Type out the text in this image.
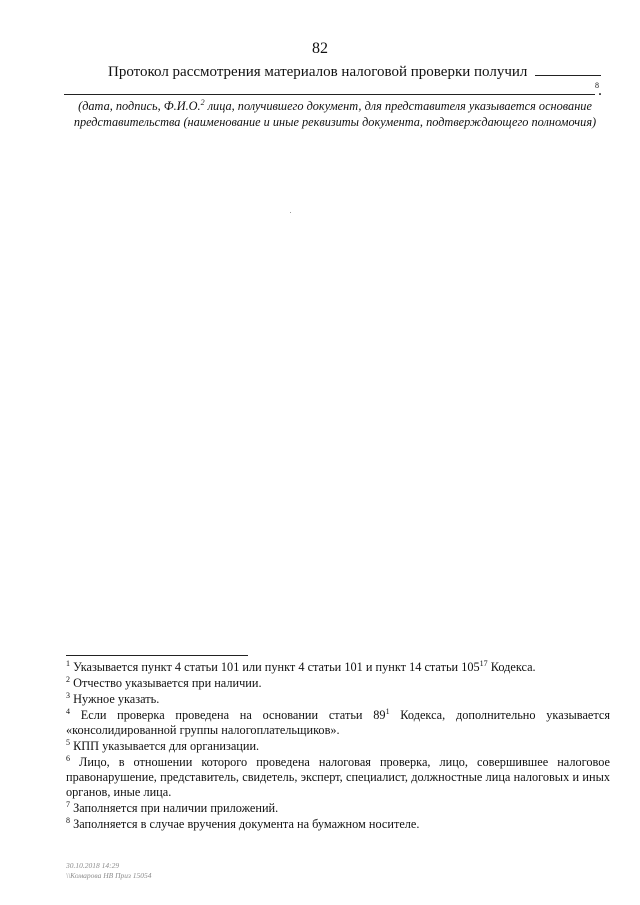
82
Протокол рассмотрения материалов налоговой проверки получил
8 .
(дата, подпись, Ф.И.О.$^2$ лица, получившего документ, для представителя указывается основание представительства (наименование и иные реквизиты документа, подтверждающего полномочия)

$^1$ Указывается пункт 4 статьи 101 или пункт 4 статьи 101 и пункт 14 статьи $105^{17}$ Кодекса.

$^2$ Отчество указывается при наличии.

$^3$ Нужное указать.

$^4$ Если проверка проведена на основании статьи $89^1$ Кодекса, дополнительно указывается «консолидированной группы налогоплательщиков».

$^5$ КПП указывается для организации.

$^6$ Лицо, в отношении которого проведена налоговая проверка, лицо, совершившее налоговое правонарушение, представитель, свидетель, эксперт, специалист, должностные лица налоговых и иных органов, иные лица.

$^7$ Заполняется при наличии приложений.

$^8$ Заполняется в случае вручения документа на бумажном носителе.

30.10.2018 14:29
\\Комарова НВ Приз 15054
